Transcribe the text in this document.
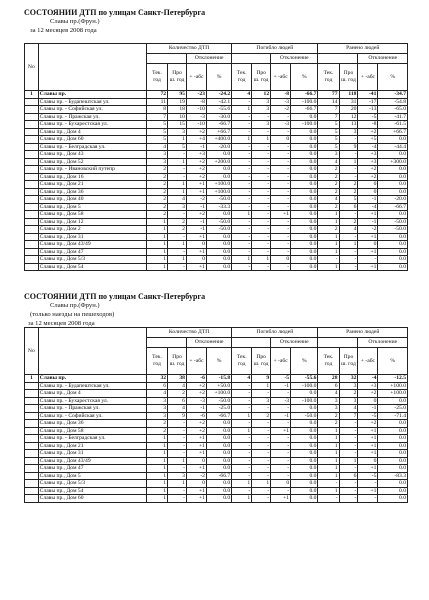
СОСТОЯНИИ ДТП по улицам Санкт-Петербурга
Славы пр.(Фрун.)
за 12 месяцев 2008 года
No		Количество ДТП				Погибло людей				Ранено людей			
				Отклонение				Отклонение				Отклонение	
		Тек. год	Про ш. год	+ -абс	%	Тек. год	Про ш. год	+ -абс	%	Тек. год	Про ш. год	+ -абс	%
1	Славы пр.	72	95	-23	-24.2	4	12	-8	-66.7	77	118	-41	-34.7
	Славы пр. - Будапештская ул.	11	19	-8	-42.1	-	3	-3	-100.0	14	31	-17	-54.8
	Славы пр. - Софийская ул.	8	18	-10	-55.6	1	3	-2	-66.7	7	20	-13	-65.0
	Славы пр. - Пражская ул.	7	10	-3	-30.0	-	-	-	0.0	7	12	-5	-41.7
	Славы пр. - Бухарестская ул.	5	15	-10	-66.7	-	3	-3	-100.0	5	13	-8	-61.5
	Славы пр., Дом 4	5	3	+2	+66.7	-	-	-	0.0	5	3	+2	+66.7
	Славы пр., Дом 60	5	1	+4	+400.0	1	1	0	0.0	5	-	+5	0.0
	Славы пр. - Белградская ул.	4	5	-1	-20.0	-	-	-	0.0	5	9	-4	-44.4
	Славы пр., Дом 43	3	-	+3	0.0	-	-	-	0.0	3	-	+3	0.0
	Славы пр., Дом 52	3	1	+2	+200.0	-	-	-	0.0	4	1	+3	+300.0
	Славы пр. - Ивановский путепр	2	-	+2	0.0	-	-	-	0.0	2	-	+2	0.0
	Славы пр., Дом 16	2	-	+2	0.0	-	-	-	0.0	2	-	+2	0.0
	Славы пр., Дом 21	2	1	+1	+100.0	-	-	-	0.0	2	2	0	0.0
	Славы пр., Дом 36	2	1	+1	+100.0	-	-	-	0.0	2	2	0	0.0
	Славы пр., Дом 40	2	4	-2	-50.0	-	-	-	0.0	4	5	-1	-20.0
	Славы пр., Дом 5	2	3	-1	-33.3	-	-	-	0.0	2	6	-4	-66.7
	Славы пр., Дом 58	2	-	+2	0.0	1	-	+1	0.0	1	-	+1	0.0
	Славы пр., Дом 12	1	2	-1	-50.0	-	-	-	0.0	1	2	-1	-50.0
	Славы пр., Дом 2	1	2	-1	-50.0	-	-	-	0.0	2	4	-2	-50.0
	Славы пр., Дом 31	1	-	+1	0.0	-	-	-	0.0	1	-	+1	0.0
	Славы пр., Дом 43/49	1	1	0	0.0	-	-	-	0.0	1	1	0	0.0
	Славы пр., Дом 47	1	-	+1	0.0	-	-	-	0.0	1	-	+1	0.0
	Славы пр., Дом 5/3	1	1	0	0.0	1	1	0	0.0	-	-	-	0.0
	Славы пр., Дом 54	1	-	+1	0.0	-	-	-	0.0	1	-	+1	0.0
СОСТОЯНИИ ДТП по улицам Санкт-Петербурга
Славы пр.(Фрун.)
(только наезды на пешеходов)
за 12 месяцев 2008 года
No		Количество ДТП				Погибло людей				Ранено людей			
				Отклонение				Отклонение				Отклонение	
		Тек. год	Про ш. год	+ -абс	%	Тек. год	Про ш. год	+ -абс	%	Тек. год	Про ш. год	+ -абс	%
1	Славы пр.	32	38	-6	-15.8	4	9	-5	-55.6	28	32	-4	-12.5
	Славы пр. - Будапештская ул.	6	4	+2	+50.0	-	1	-1	-100.0	6	3	+3	+100.0
	Славы пр., Дом 4	4	2	+2	+100.0	-	-	-	0.0	4	2	+2	+100.0
	Славы пр. - Бухарестская ул.	3	6	-3	-50.0	-	3	-3	-100.0	3	3	0	0.0
	Славы пр. - Пражская ул.	3	4	-1	-25.0	-	-	-	0.0	3	4	-1	-25.0
	Славы пр. - Софийская ул.	3	9	-6	-66.7	1	2	-1	-50.0	2	7	-5	-71.4
	Славы пр., Дом 36	2	-	+2	0.0	-	-	-	0.0	2	-	+2	0.0
	Славы пр., Дом 58	2	-	+2	0.0	1	-	+1	0.0	1	-	+1	0.0
	Славы пр. - Белградская ул.	1	-	+1	0.0	-	-	-	0.0	1	-	+1	0.0
	Славы пр., Дом 21	1	-	+1	0.0	-	-	-	0.0	1	-	+1	0.0
	Славы пр., Дом 31	1	-	+1	0.0	-	-	-	0.0	1	-	+1	0.0
	Славы пр., Дом 43/49	1	1	0	0.0	-	-	-	0.0	1	1	0	0.0
	Славы пр., Дом 47	1	-	+1	0.0	-	-	-	0.0	1	-	+1	0.0
	Славы пр., Дом 5	1	3	-2	-66.7	-	-	-	0.0	1	6	-5	-83.3
	Славы пр., Дом 5/3	1	1	0	0.0	1	1	0	0.0	-	-	-	0.0
	Славы пр., Дом 54	1	-	+1	0.0	-	-	-	0.0	1	-	+1	0.0
	Славы пр., Дом 60	1	-	+1	0.0	1	-	+1	0.0	-	-	-	0.0
